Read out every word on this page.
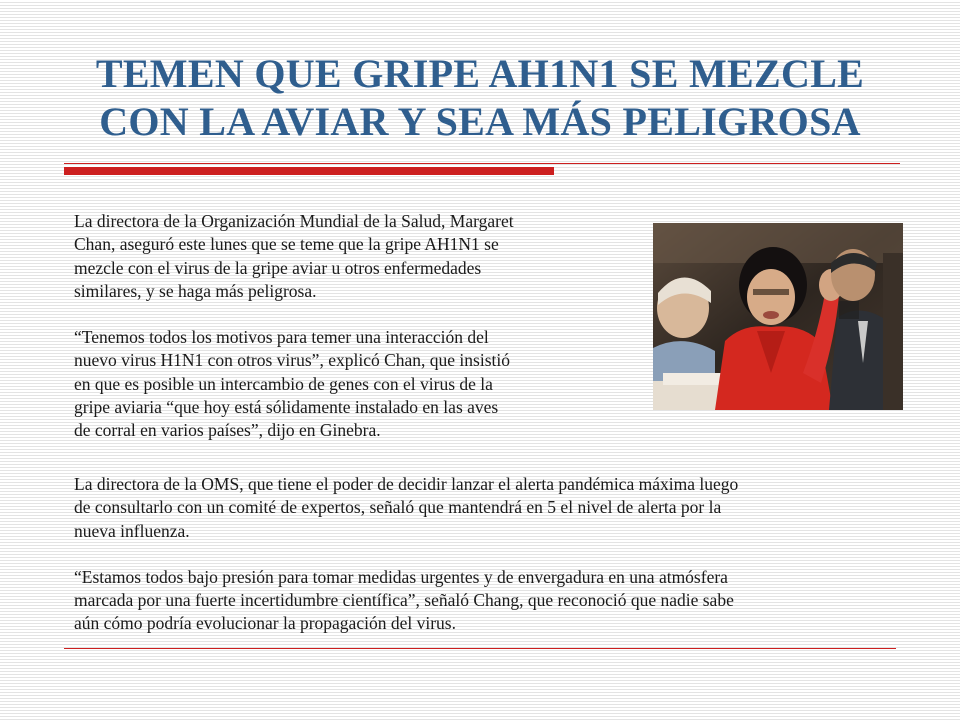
TEMEN QUE GRIPE AH1N1 SE MEZCLE
CON LA AVIAR Y SEA MÁS PELIGROSA

La directora de la Organización Mundial de la Salud, Margaret
Chan, aseguró este lunes que se teme que la gripe AH1N1 se
mezcle con el virus de la gripe aviar u otros enfermedades
similares, y se haga más peligrosa.

“Tenemos todos los motivos para temer una interacción del
nuevo virus H1N1 con otros virus”, explicó Chan, que insistió
en que es posible un intercambio de genes con el virus de la
gripe aviaria “que hoy está sólidamente instalado en las aves
de corral en varios países”, dijo en Ginebra.

La directora de la OMS, que tiene el poder de decidir lanzar el alerta pandémica máxima luego
de consultarlo con un comité de expertos, señaló que mantendrá en 5 el nivel de alerta por la
nueva influenza.

“Estamos todos bajo presión para tomar medidas urgentes y de envergadura en una atmósfera
marcada por una fuerte incertidumbre científica”, señaló Chang, que reconoció que nadie sabe
aún cómo podría evolucionar la propagación del virus.
